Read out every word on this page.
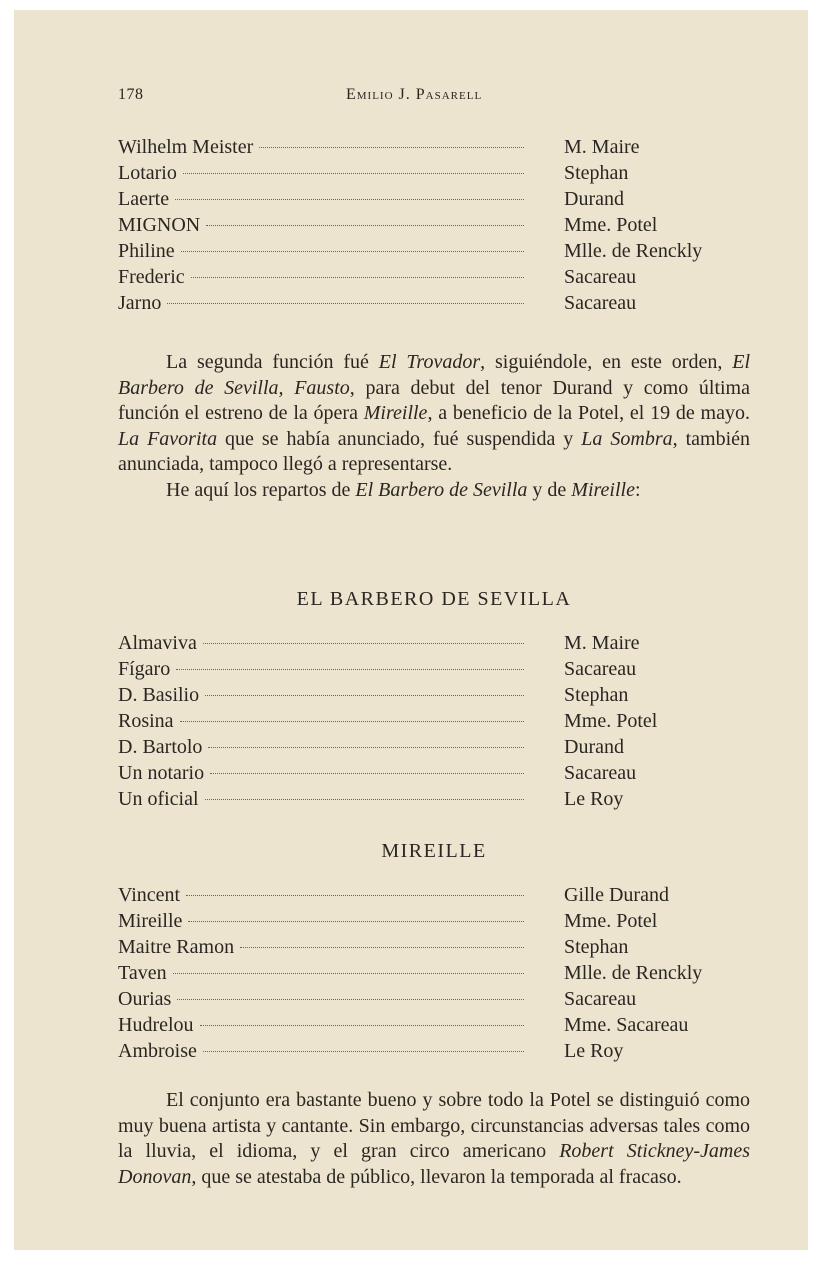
178	Emilio J. Pasarell
Wilhelm Meister	M. Maire
Lotario	Stephan
Laerte	Durand
MIGNON	Mme. Potel
Philine	Mlle. de Renckly
Frederic	Sacareau
Jarno	Sacareau

La segunda función fué El Trovador, siguiéndole, en este orden, El Barbero de Sevilla, Fausto, para debut del tenor Durand y como última función el estreno de la ópera Mireille, a beneficio de la Potel, el 19 de mayo. La Favorita que se había anunciado, fué suspendida y La Sombra, también anunciada, tampoco llegó a representarse.

He aquí los repartos de El Barbero de Sevilla y de Mireille:

EL BARBERO DE SEVILLA
Almaviva	M. Maire
Fígaro	Sacareau
D. Basilio	Stephan
Rosina	Mme. Potel
D. Bartolo	Durand
Un notario	Sacareau
Un oficial	Le Roy
MIREILLE
Vincent	Gille Durand
Mireille	Mme. Potel
Maitre Ramon	Stephan
Taven	Mlle. de Renckly
Ourias	Sacareau
Hudrelou	Mme. Sacareau
Ambroise	Le Roy

El conjunto era bastante bueno y sobre todo la Potel se distinguió como muy buena artista y cantante. Sin embargo, circunstancias adversas tales como la lluvia, el idioma, y el gran circo americano Robert Stickney-James Donovan, que se atestaba de público, llevaron la temporada al fracaso.
